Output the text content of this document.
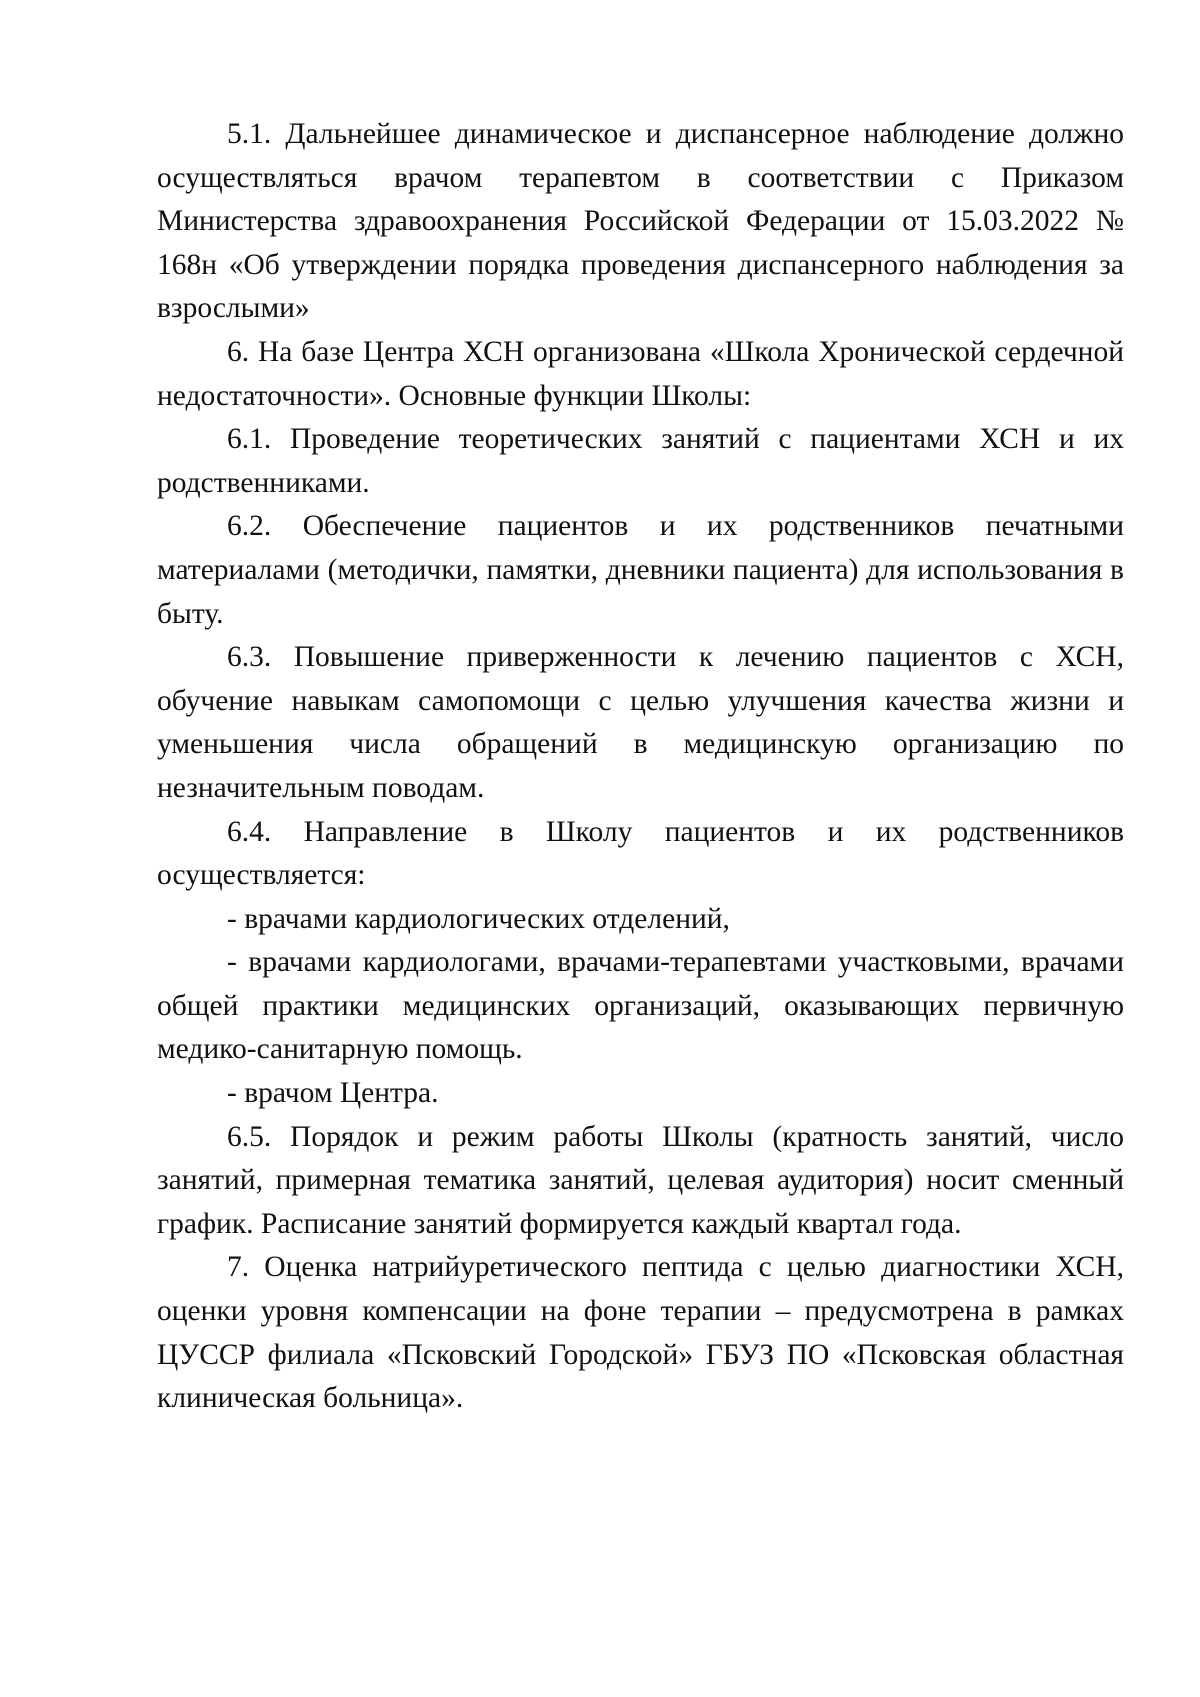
5.1. Дальнейшее динамическое и диспансерное наблюдение должно осуществляться врачом терапевтом в соответствии с Приказом Министерства здравоохранения Российской Федерации от 15.03.2022 № 168н «Об утверждении порядка проведения диспансерного наблюдения за взрослыми»

6. На базе Центра ХСН организована «Школа Хронической сердечной недостаточности». Основные функции Школы:

6.1. Проведение теоретических занятий с пациентами ХСН и их родственниками.

6.2. Обеспечение пациентов и их родственников печатными материалами (методички, памятки, дневники пациента) для использования в быту.

6.3. Повышение приверженности к лечению пациентов с ХСН, обучение навыкам самопомощи с целью улучшения качества жизни и уменьшения числа обращений в медицинскую организацию по незначительным поводам.

6.4. Направление в Школу пациентов и их родственников осуществляется:

- врачами кардиологических отделений,

- врачами кардиологами, врачами-терапевтами участковыми, врачами общей практики медицинских организаций, оказывающих первичную медико-санитарную помощь.

- врачом Центра.

6.5. Порядок и режим работы Школы (кратность занятий, число занятий, примерная тематика занятий, целевая аудитория) носит сменный график. Расписание занятий формируется каждый квартал года.

7. Оценка натрийуретического пептида с целью диагностики ХСН, оценки уровня компенсации на фоне терапии – предусмотрена в рамках ЦУССР филиала «Псковский Городской» ГБУЗ ПО «Псковская областная клиническая больница».
